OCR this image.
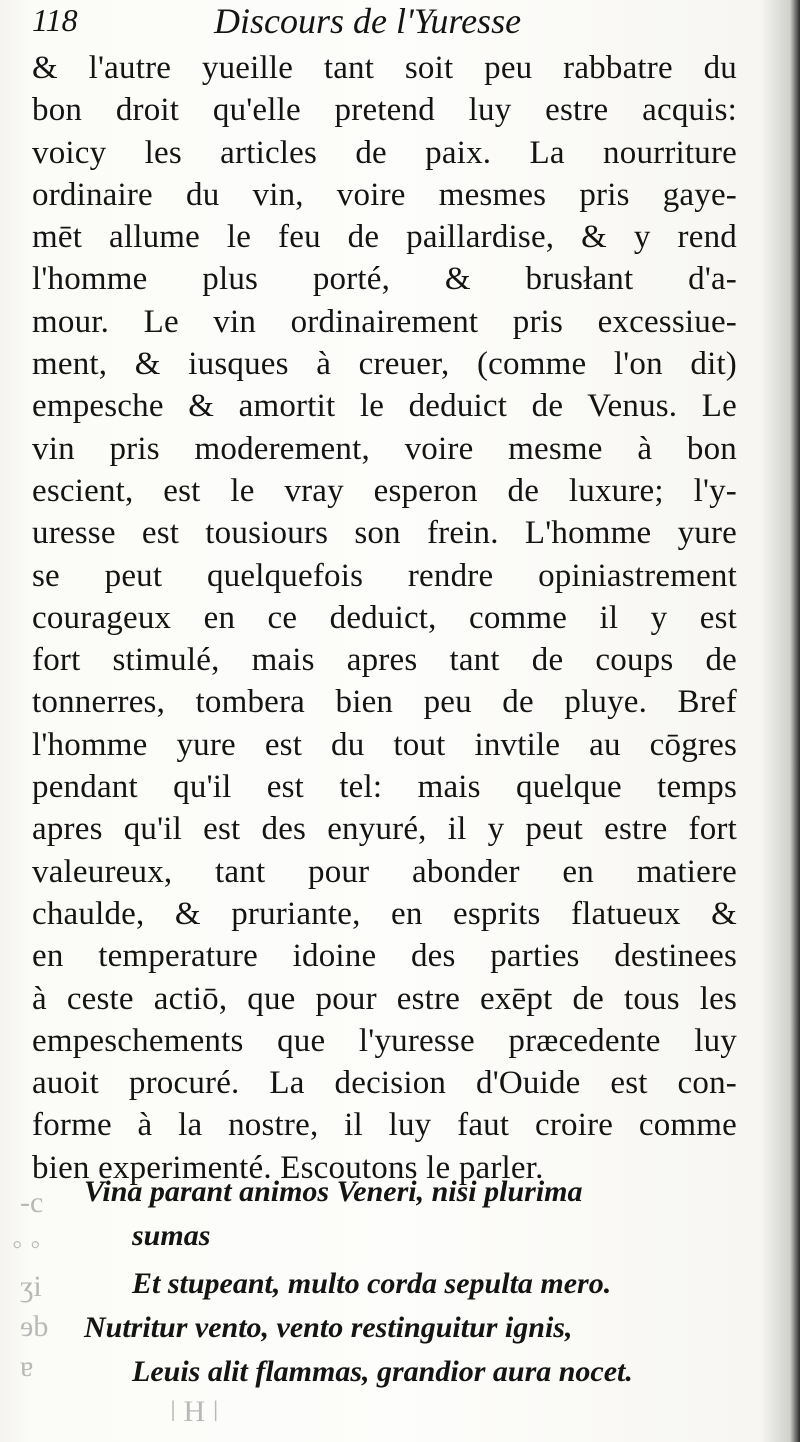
118	Discours de l'Yuresse
& l'autre yueille tant soit peu rabbatre du
bon droit qu'elle pretend luy estre acquis:
voicy les articles de paix. La nourriture
ordinaire du vin, voire mesmes pris gaye-
mēt allume le feu de paillardise, & y rend
l'homme plus porté, & brusłant d'a-
mour. Le vin ordinairement pris excessiue-
ment, & iusques à creuer, (comme l'on dit)
empesche & amortit le deduict de Venus. Le
vin pris moderement, voire mesme à bon
escient, est le vray esperon de luxure; l'y-
uresse est tousiours son frein. L'homme yure
se peut quelquefois rendre opiniastrement
courageux en ce deduict, comme il y est
fort stimulé, mais apres tant de coups de
tonnerres, tombera bien peu de pluye. Bref
l'homme yure est du tout invtile au cōgres
pendant qu'il est tel: mais quelque temps
apres qu'il est des enyuré, il y peut estre fort
valeureux, tant pour abonder en matiere
chaulde, & pruriante, en esprits flatueux &
en temperature idoine des parties destinees
à ceste actiō, que pour estre exēpt de tous les
empeschements que l'yuresse præcedente luy
auoit procuré. La decision d'Ouide est con-
forme à la nostre, il luy faut croire comme
bien experimenté. Escoutons le parler.
Vina parant animos Veneri, nisi plurima
sumas
Et stupeant, multo corda sepulta mero.
Nutritur vento, vento restinguitur ignis,
Leuis alit flammas, grandior aura nocet.
-c
◦ ◦
ʒi
ɘb
ɐ
ǀ H ǀ
